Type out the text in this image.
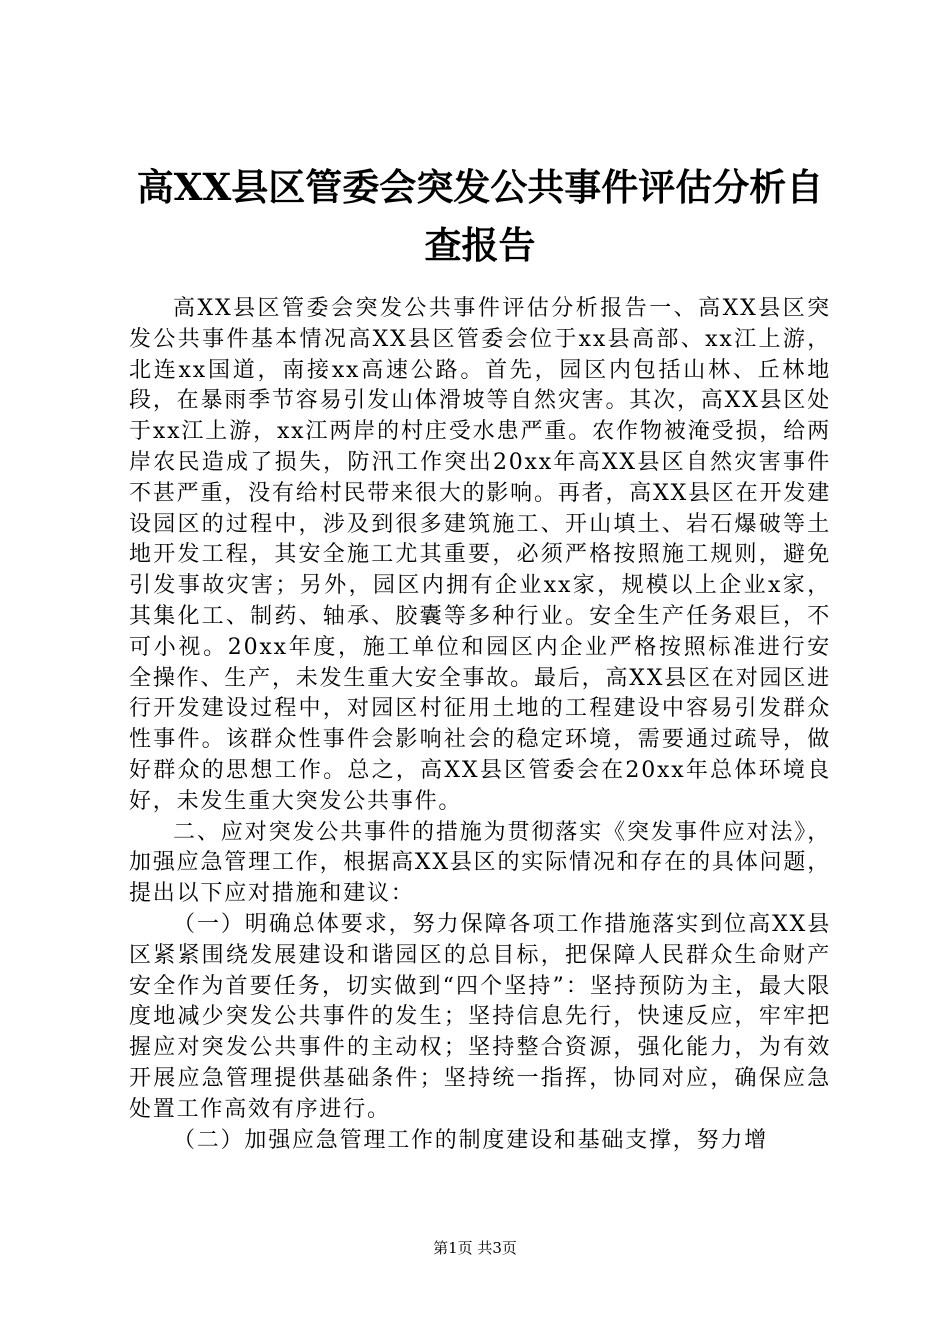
高XX县区管委会突发公共事件评估分析自查报告

高XX县区管委会突发公共事件评估分析报告一、高XX县区突发公共事件基本情况高XX县区管委会位于xx县高部、xx江上游，北连xx国道，南接xx高速公路。首先，园区内包括山林、丘林地段，在暴雨季节容易引发山体滑坡等自然灾害。其次，高XX县区处于xx江上游，xx江两岸的村庄受水患严重。农作物被淹受损，给两岸农民造成了损失，防汛工作突出20xx年高XX县区自然灾害事件不甚严重，没有给村民带来很大的影响。再者，高XX县区在开发建设园区的过程中，涉及到很多建筑施工、开山填土、岩石爆破等土地开发工程，其安全施工尤其重要，必须严格按照施工规则，避免引发事故灾害；另外，园区内拥有企业xx家，规模以上企业x家，其集化工、制药、轴承、胶囊等多种行业。安全生产任务艰巨，不可小视。20xx年度，施工单位和园区内企业严格按照标准进行安全操作、生产，未发生重大安全事故。最后，高XX县区在对园区进行开发建设过程中，对园区村征用土地的工程建设中容易引发群众性事件。该群众性事件会影响社会的稳定环境，需要通过疏导，做好群众的思想工作。总之，高XX县区管委会在20xx年总体环境良好，未发生重大突发公共事件。

二、应对突发公共事件的措施为贯彻落实《突发事件应对法》，加强应急管理工作，根据高XX县区的实际情况和存在的具体问题，提出以下应对措施和建议：

（一）明确总体要求，努力保障各项工作措施落实到位高XX县区紧紧围绕发展建设和谐园区的总目标，把保障人民群众生命财产安全作为首要任务，切实做到“四个坚持”：坚持预防为主，最大限度地减少突发公共事件的发生；坚持信息先行，快速反应，牢牢把握应对突发公共事件的主动权；坚持整合资源，强化能力，为有效开展应急管理提供基础条件；坚持统一指挥，协同对应，确保应急处置工作高效有序进行。

（二）加强应急管理工作的制度建设和基础支撑，努力增

第1页 共3页
